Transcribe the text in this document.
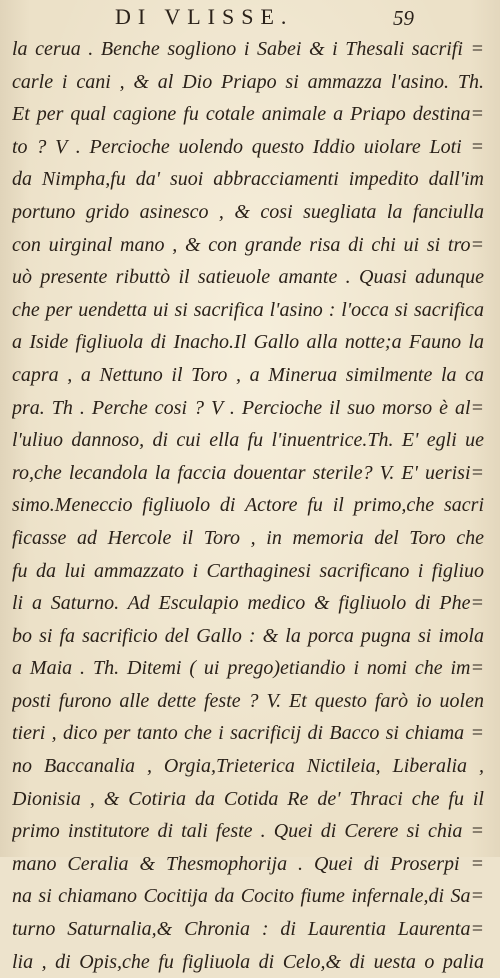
DI VLISSE.	59
la ceruа . Benche sogliono i Sabei & i Thesali sacrifi =
carle i cani , & al Dio Priapo si ammazza l'asino. Th.
Et per qual cagione fu cotale animale a Priapo destina=
to ? V . Percioche uolendo questo Iddio uiolare Loti =
da Nimpha,fu da' suoi abbracciamenti impedito dall'im
portuno grido asinesco , & cosi suegliata la fanciulla
con uirginal mano , & con grande risa di chi ui si tro=
uò presente ributtò il satieuole amante . Quasi adunque
che per uendetta ui si sacrifica l'asino : l'occa si sacrifica
a Iside figliuola di Inacho.Il Gallo alla notte;a Fauno la
capra , a Nettuno il Toro , a Minerua similmente la ca
pra. Th . Perche cosi ? V . Percioche il suo morso è al=
l'uliuo dannoso, di cui ella fu l'inuentrice.Th. E' egli ue
ro,che lecandola la faccia douentar sterile? V. E' uerisi=
simo.Meneccio figliuolo di Actore fu il primo,che sacri
ficasse ad Hercole il Toro , in memoria del Toro che
fu da lui ammazzato i Carthaginesi sacrificano i figliuo
li a Saturno. Ad Esculapio medico & figliuolo di Phe=
bo si fa sacrificio del Gallo : & la porca pugna si imola
a Maia . Th. Ditemi ( ui prego)etiandio i nomi che im=
posti furono alle dette feste ? V. Et questo farò io uolen
tieri , dico per tanto che i sacrificij di Bacco si chiama =
no Baccanalia , Orgia,Trieterica Nictileia, Liberalia ,
Dionisia , & Cotiria da Cotida Re de' Thraci che fu il
primo institutore di tali feste . Quei di Cerere si chia =
mano Ceralia & Thesmophorija . Quei di Proserpi =
na si chiamano Cocitija da Cocito fiume infernale,di Sa=
turno Saturnalia,& Chronia : di Laurentia Laurenta=
lia , di Opis,che fu figliuola di Celo,& di uesta o palia
